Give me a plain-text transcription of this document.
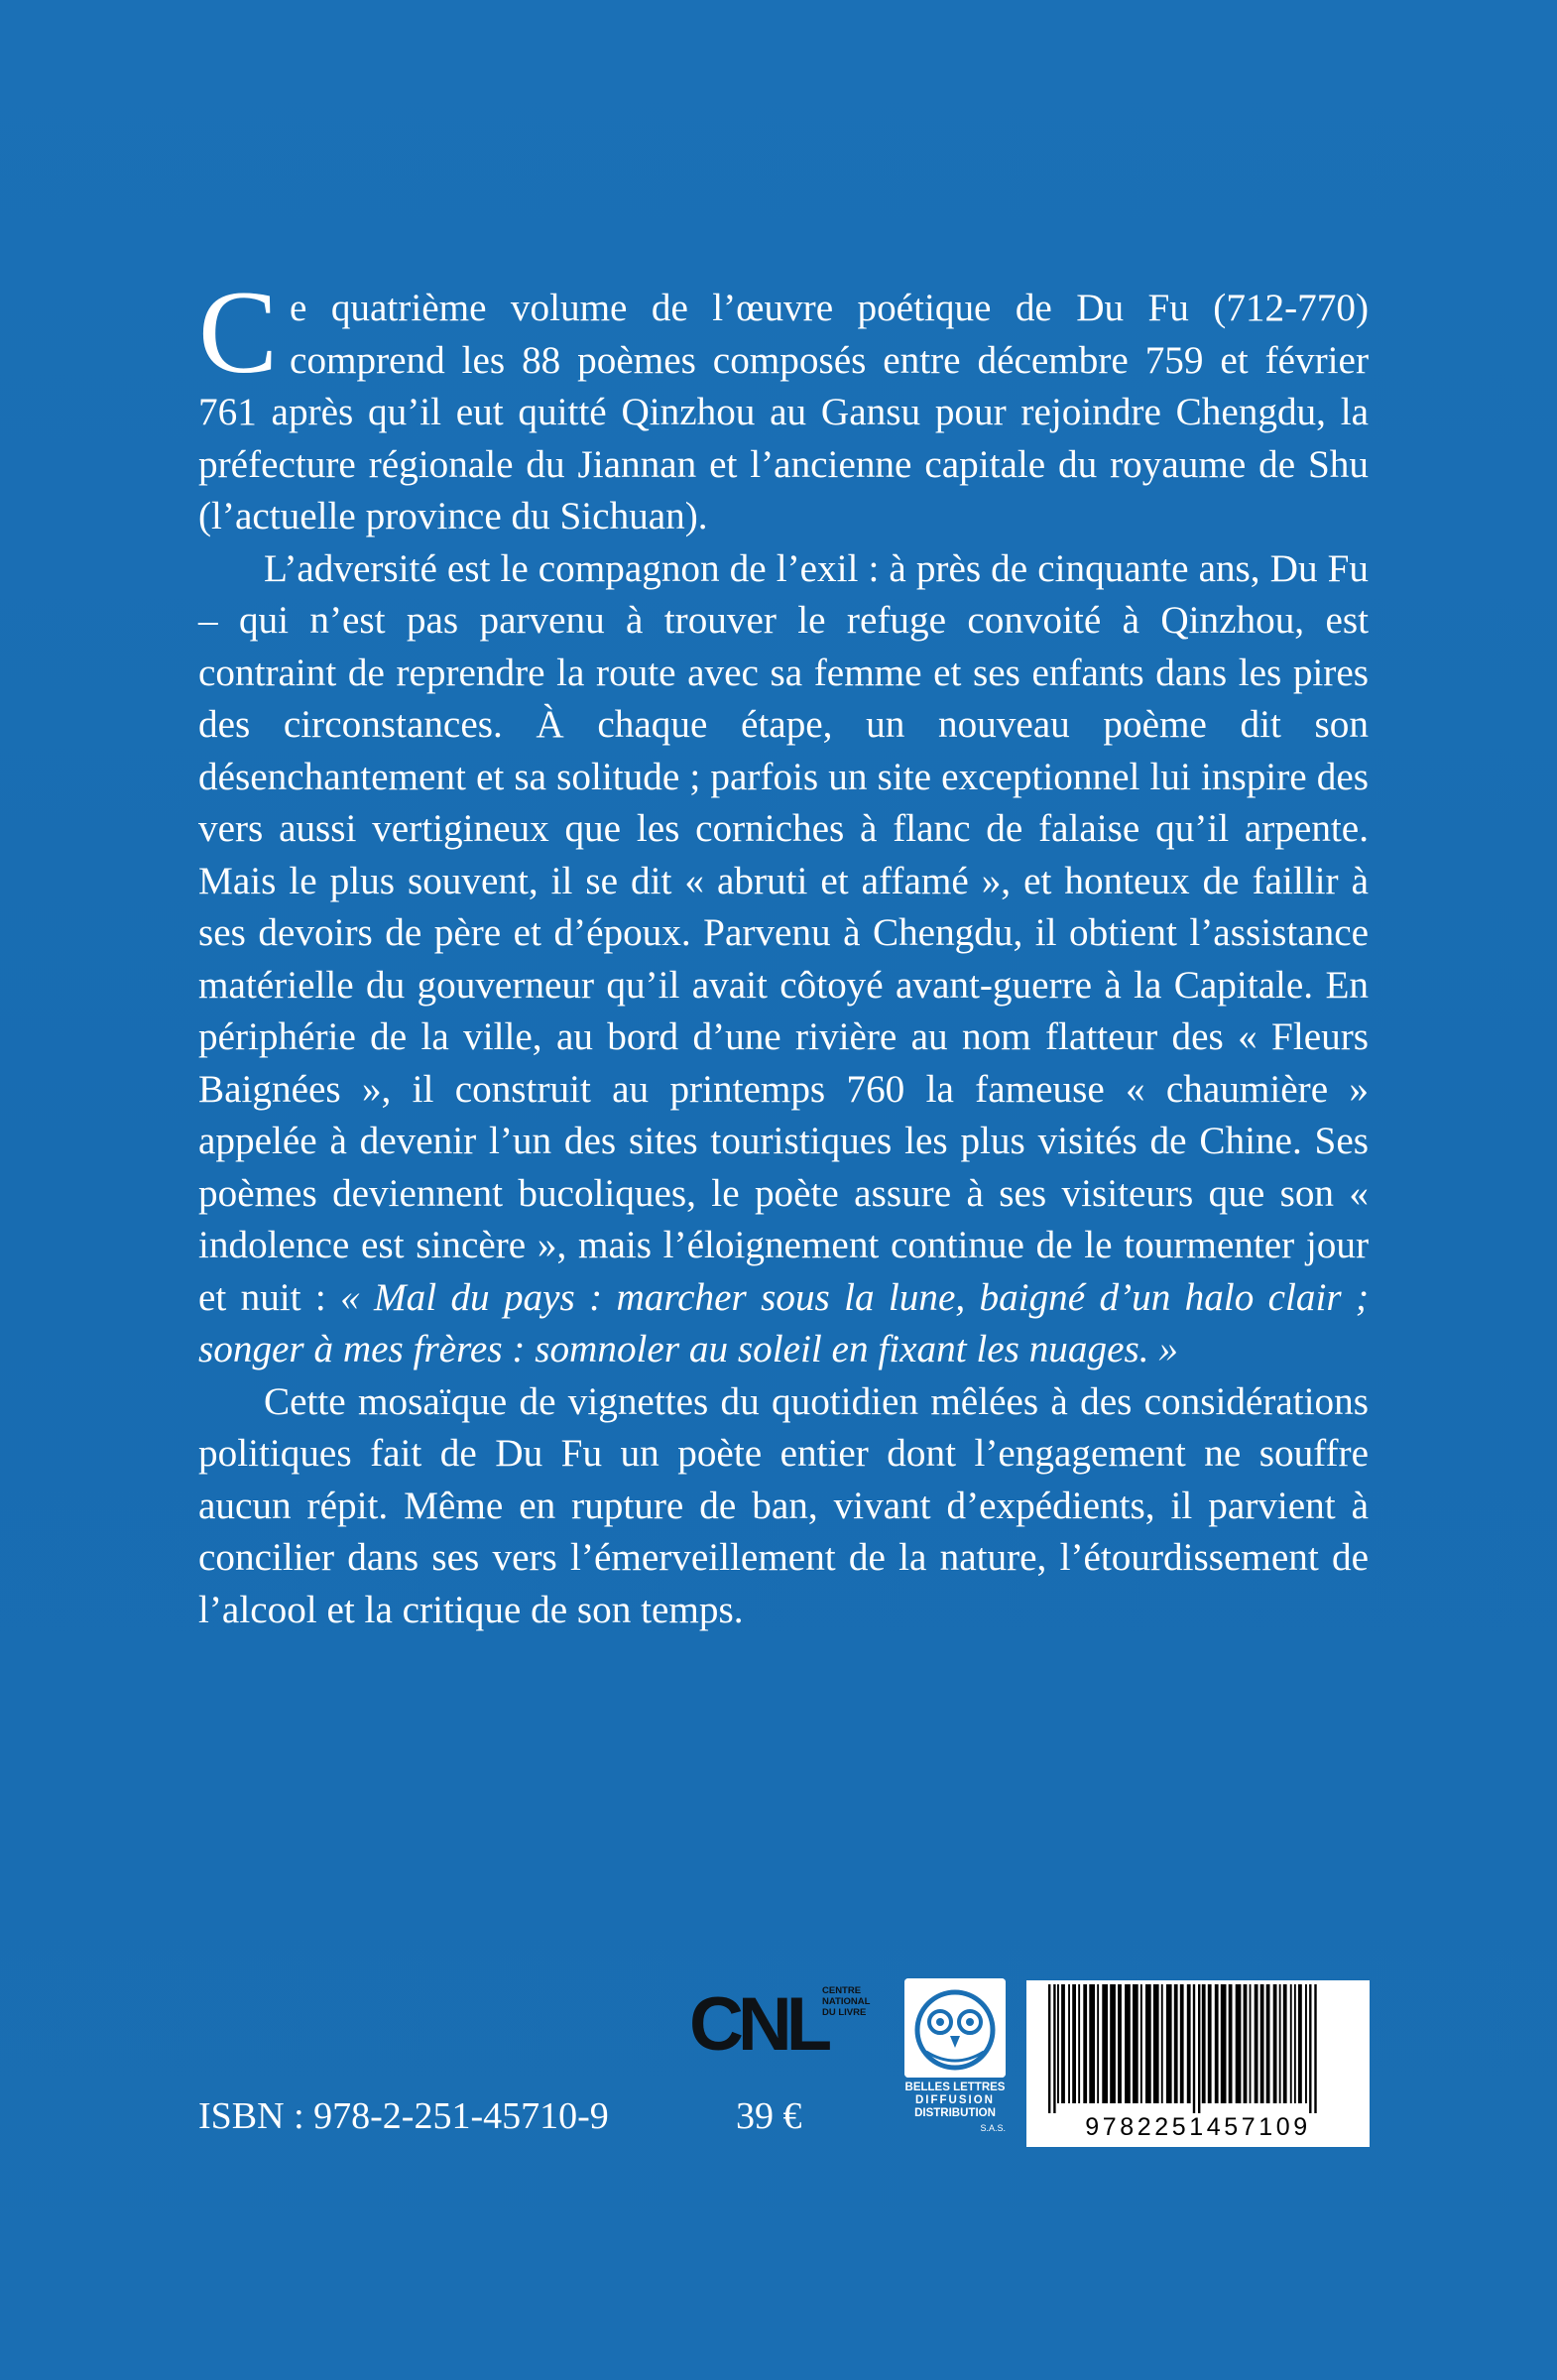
Ce quatrième volume de l’œuvre poétique de Du Fu (712-770) comprend les 88 poèmes composés entre décembre 759 et février 761 après qu’il eut quitté Qinzhou au Gansu pour rejoindre Chengdu, la préfecture régionale du Jiannan et l’ancienne capitale du royaume de Shu (l’actuelle province du Sichuan).

L’adversité est le compagnon de l’exil : à près de cinquante ans, Du Fu – qui n’est pas parvenu à trouver le refuge convoité à Qinzhou, est contraint de reprendre la route avec sa femme et ses enfants dans les pires des circonstances. À chaque étape, un nouveau poème dit son désenchantement et sa solitude ; parfois un site exceptionnel lui inspire des vers aussi vertigineux que les corniches à flanc de falaise qu’il arpente. Mais le plus souvent, il se dit « abruti et affamé », et honteux de faillir à ses devoirs de père et d’époux. Parvenu à Chengdu, il obtient l’assistance matérielle du gouverneur qu’il avait côtoyé avant-guerre à la Capitale. En périphérie de la ville, au bord d’une rivière au nom flatteur des « Fleurs Baignées », il construit au printemps 760 la fameuse « chaumière » appelée à devenir l’un des sites touristiques les plus visités de Chine. Ses poèmes deviennent bucoliques, le poète assure à ses visiteurs que son « indolence est sincère », mais l’éloignement continue de le tourmenter jour et nuit : « Mal du pays : marcher sous la lune, baigné d’un halo clair ; songer à mes frères : somnoler au soleil en fixant les nuages. »

Cette mosaïque de vignettes du quotidien mêlées à des considérations politiques fait de Du Fu un poète entier dont l’engagement ne souffre aucun répit. Même en rupture de ban, vivant d’expédients, il parvient à concilier dans ses vers l’émerveillement de la nature, l’étourdissement de l’alcool et la critique de son temps.

CNL
CENTRE
NATIONAL
DU LIVRE
BELLES LETTRES
DIFFUSION
DISTRIBUTION
S.A.S.
ISBN : 978-2-251-45710-9	39 €	9782251457109
